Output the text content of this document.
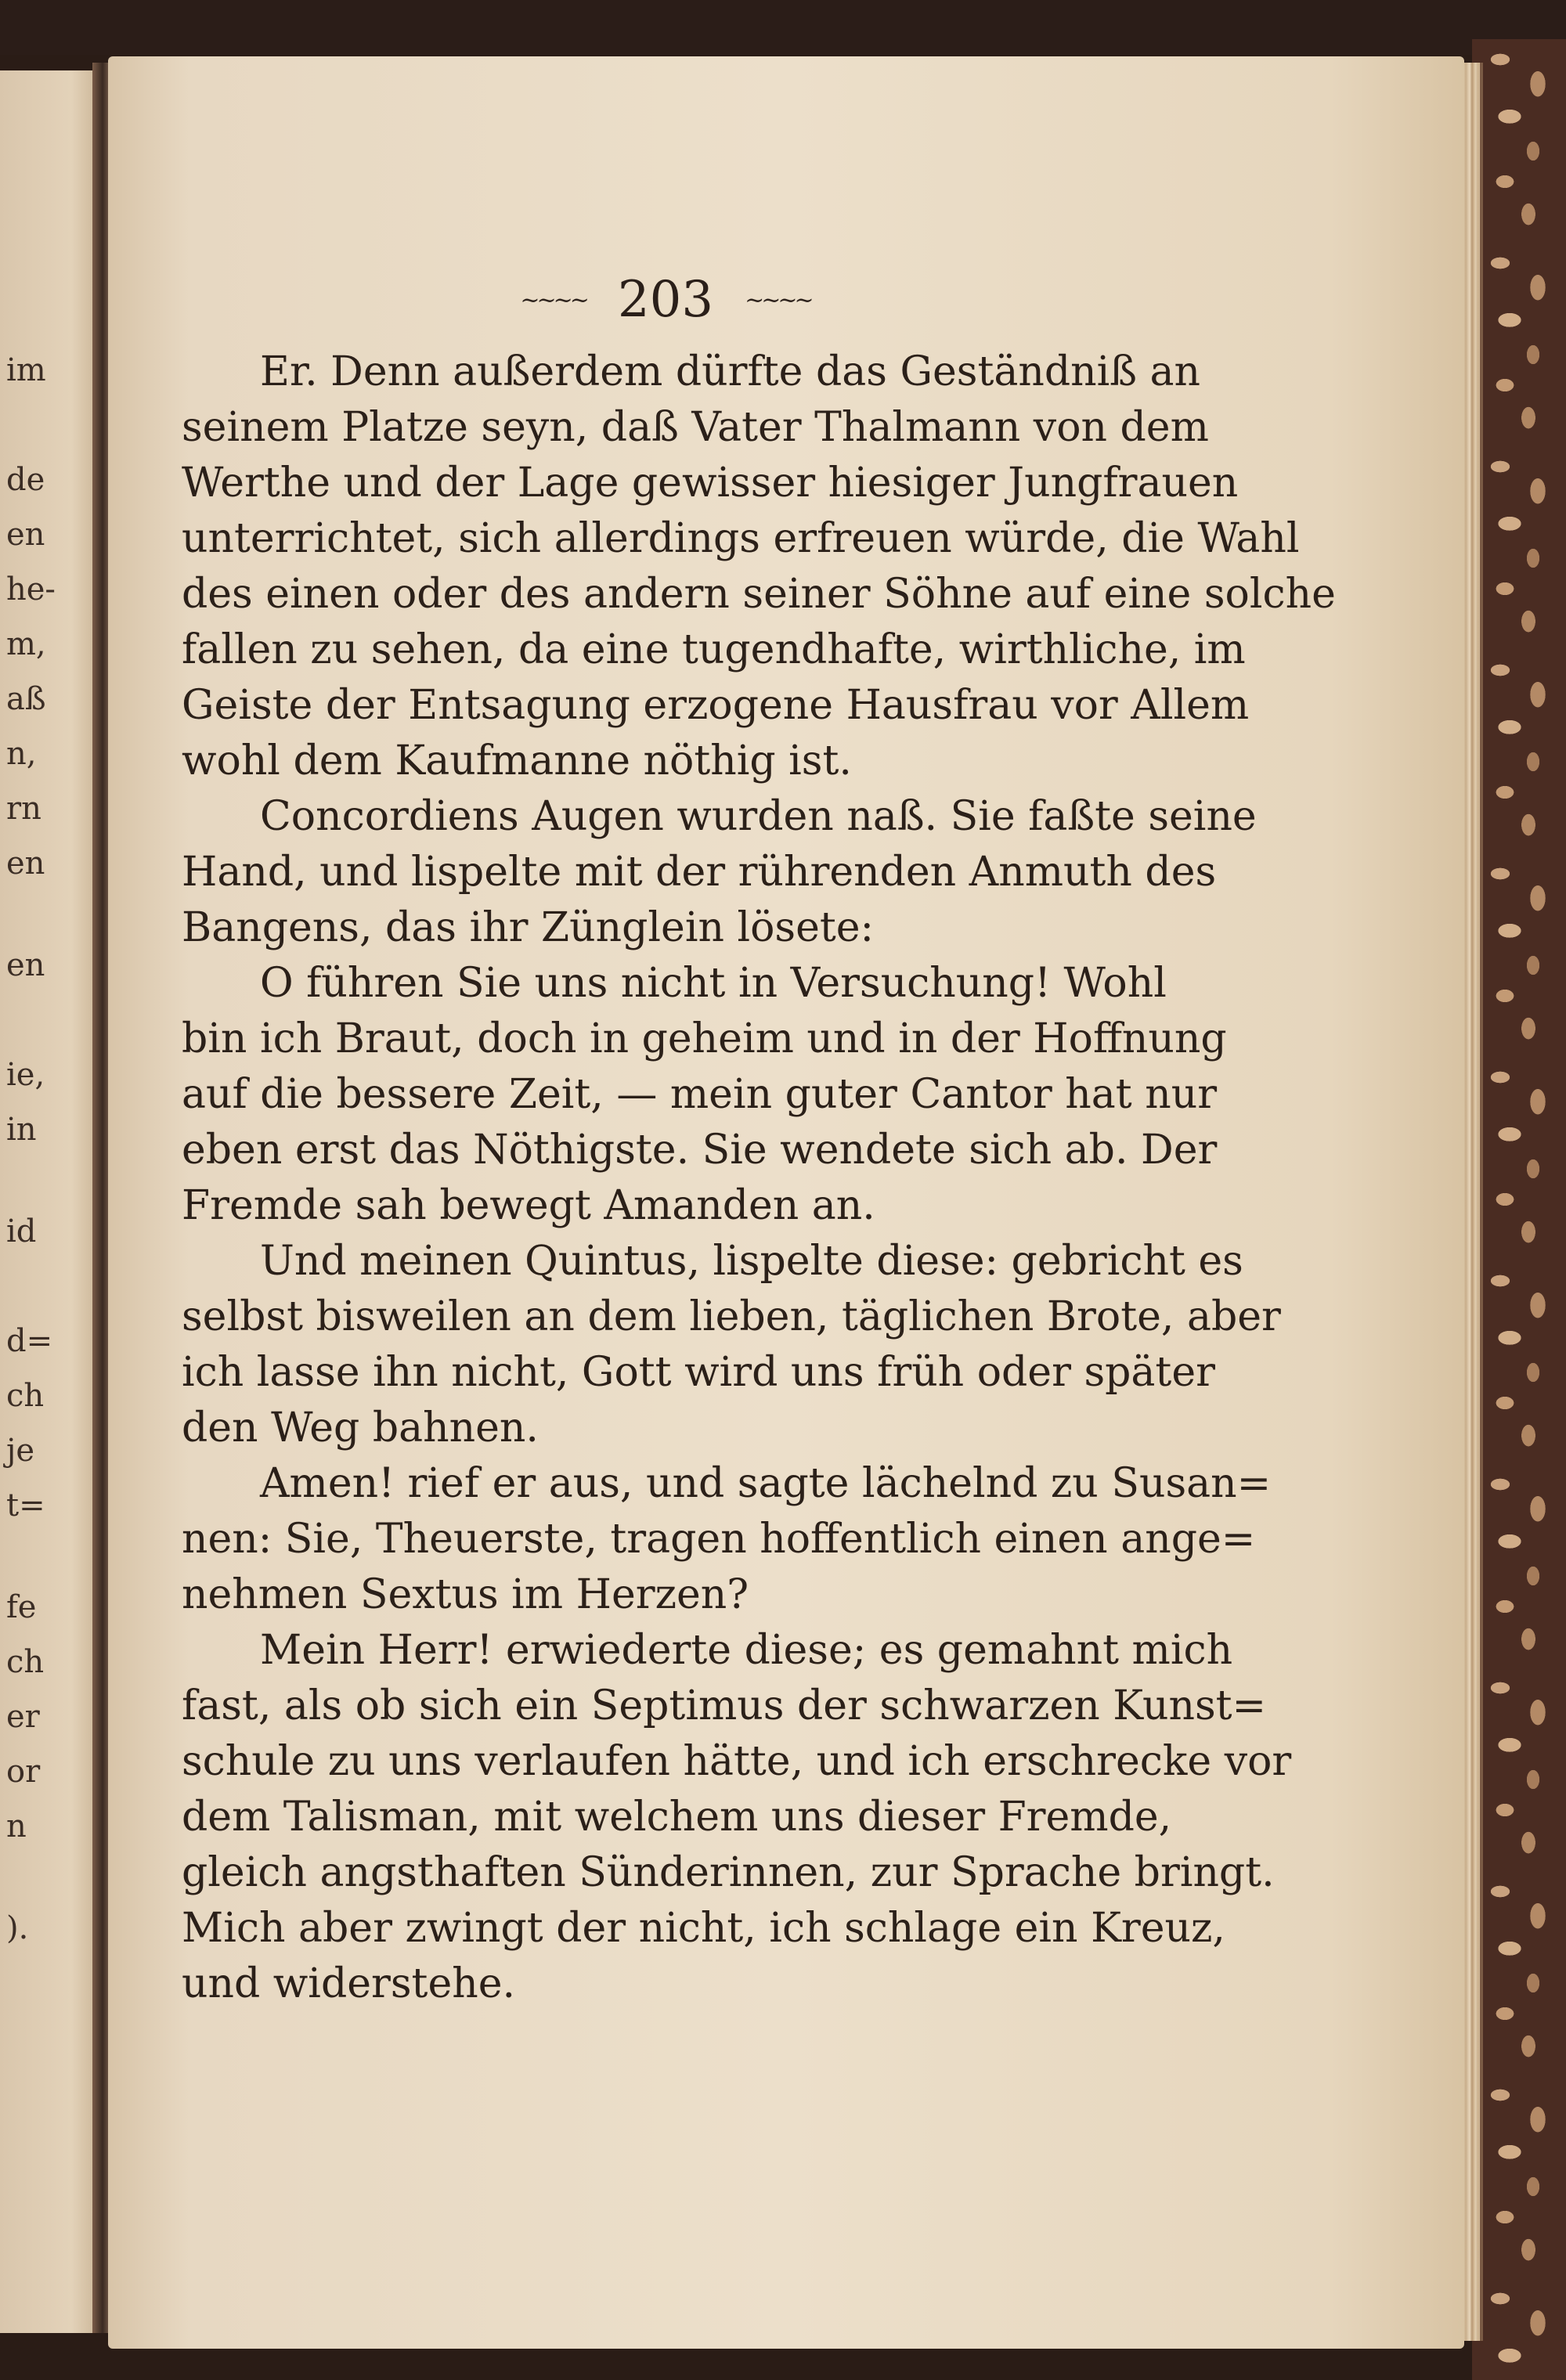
im
de
en
he-
m,
aß
n,
rn
en
en
ie,
in
id
d=
ch
je
t=
fe
ch
er
or
n
).
~~~~ 203 ~~~~
Er. Denn außerdem dürfte das Geständniß an
seinem Platze seyn, daß Vater Thalmann von dem
Werthe und der Lage gewisser hiesiger Jungfrauen
unterrichtet, sich allerdings erfreuen würde, die Wahl
des einen oder des andern seiner Söhne auf eine solche
fallen zu sehen, da eine tugendhafte, wirthliche, im
Geiste der Entsagung erzogene Hausfrau vor Allem
wohl dem Kaufmanne nöthig ist.
Concordiens Augen wurden naß. Sie faßte seine
Hand, und lispelte mit der rührenden Anmuth des
Bangens, das ihr Zünglein lösete:
O führen Sie uns nicht in Versuchung! Wohl
bin ich Braut, doch in geheim und in der Hoffnung
auf die bessere Zeit, — mein guter Cantor hat nur
eben erst das Nöthigste. Sie wendete sich ab. Der
Fremde sah bewegt Amanden an.
Und meinen Quintus, lispelte diese: gebricht es
selbst bisweilen an dem lieben, täglichen Brote, aber
ich lasse ihn nicht, Gott wird uns früh oder später
den Weg bahnen.
Amen! rief er aus, und sagte lächelnd zu Susan=
nen: Sie, Theuerste, tragen hoffentlich einen ange=
nehmen Sextus im Herzen?
Mein Herr! erwiederte diese; es gemahnt mich
fast, als ob sich ein Septimus der schwarzen Kunst=
schule zu uns verlaufen hätte, und ich erschrecke vor
dem Talisman, mit welchem uns dieser Fremde,
gleich angsthaften Sünderinnen, zur Sprache bringt.
Mich aber zwingt der nicht, ich schlage ein Kreuz,
und widerstehe.
